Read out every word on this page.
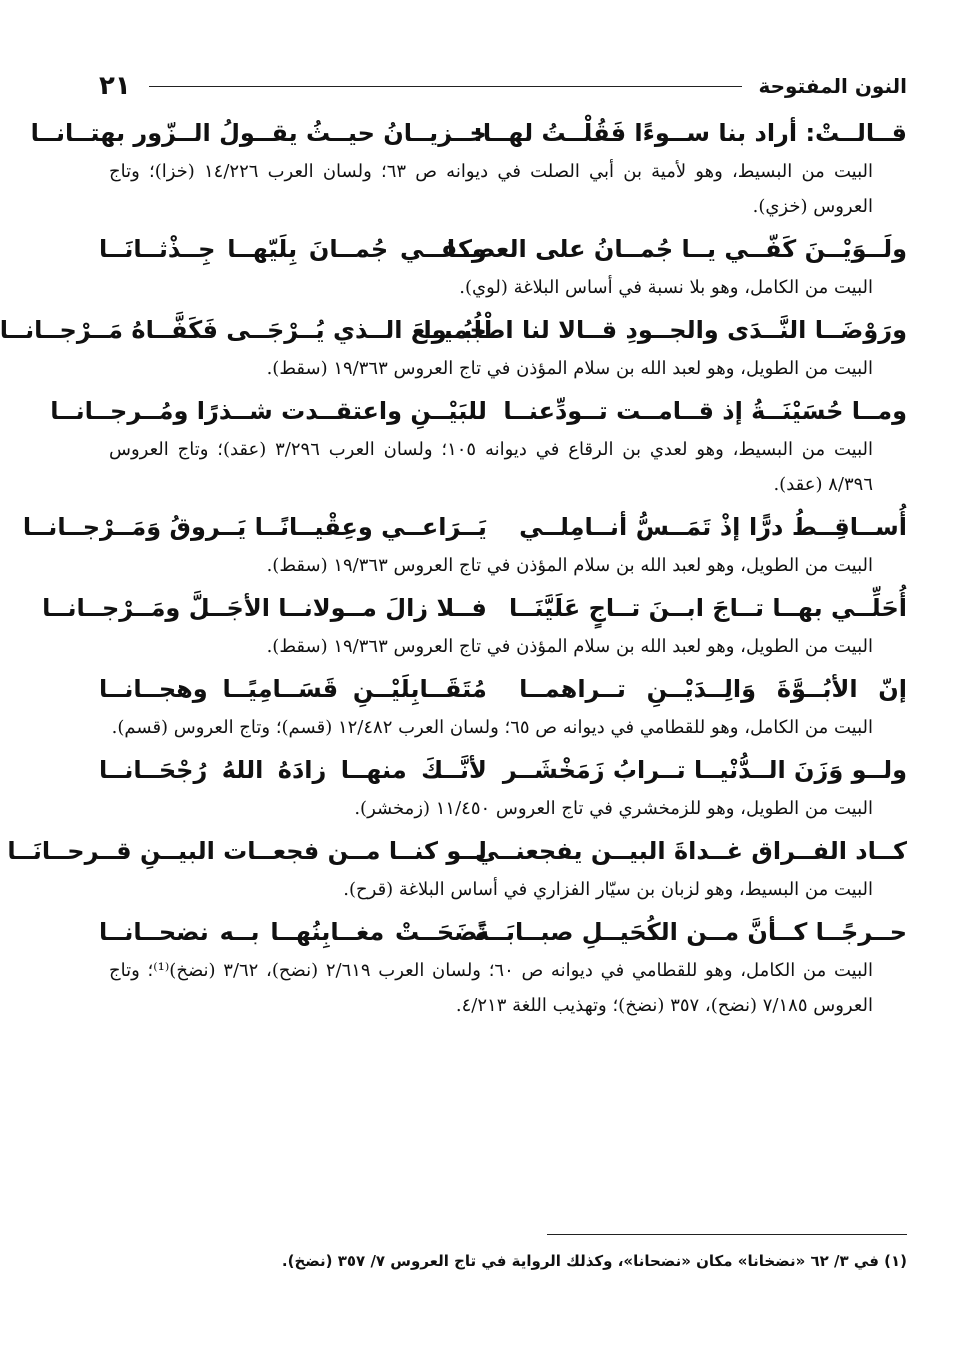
النون المفتوحة
٢١
قــالــتْ: أراد بنا ســوءًا فَقُلْــتُ لهــا:
خــزيــانُ حيــثُ يقــولُ الــزّور بهتــانــا

البيت من البسيط، وهو لأمية بن أبي الصلت في ديوانه ص ٦٣؛ ولسان العرب ١٤/٢٢٦ (خزا)؛ وتاج العروس (خزي).

ولَــوَيْــنَ كَفّــي يــا جُمــانُ على العصــا
وكفــي جُمــانَ بِلَيّهــا جِــذْثــانَــا

البيت من الكامل، وهو بلا نسبة في أساس البلاغة (لوي).

ورَوْضَــا النَّــدَى والجــودِ قــالا لنا اطْلُبُــوا
جميــعَ الــذي يُــرْجَــى فَكَفَّــاهُ مَــرْجــانــا

البيت من الطويل، وهو لعبد الله بن سلام المؤذن في تاج العروس ١٩/٣٦٣ (سقط).

ومــا حُسَيْنَــةُ إذ قــامــت تــودِّعنــا
للبَيْــنِ واعتقــدت شــذرًا ومُــرجــانــا

البيت من البسيط، وهو لعدي بن الرقاع في ديوانه ١٠٥؛ ولسان العرب ٣/٢٩٦ (عقد)؛ وتاج العروس ٨/٣٩٦ (عقد).

أُســاقِــطُ درًّا إذْ تَمَــسُّ أنــامِلــي
يَــرَاعــي وعِقْيــانًــا يَــروقُ وَمَــرْجــانــا

البيت من الطويل، وهو لعبد الله بن سلام المؤذن في تاج العروس ١٩/٣٦٣ (سقط).

أُحَلِّــي بهــا تــاجَ ابــنَ تــاجٍ عَلَيَّنَــا
فــلا زالَ مــولانــا الأجَــلَّ ومَــرْجــانــا

البيت من الطويل، وهو لعبد الله بن سلام المؤذن في تاج العروس ١٩/٣٦٣ (سقط).

إنّ الأبُــوَّةَ وَالِــدَيْــنِ تــراهمــا
مُتَقَــابِلَيْــنِ قَسَــامِيًــا وهجــانــا

البيت من الكامل، وهو للقطامي في ديوانه ص ٦٥؛ ولسان العرب ١٢/٤٨٢ (قسم)؛ وتاج العروس (قسم).

ولــو وَزَنَ الــدُّنْيــا تــرابُ زَمَخْشَــر
لأنَّــكَ منهــا زادَهُ اللهُ رُجْحَــانــا

البيت من الطويل، وهو للزمخشري في تاج العروس ١١/٤٥٠ (زمخشر).

كــاد الفــراق غــداةَ البيــن يفجعنــي
لــو كنــا مــن فجعــات البيــنِ قــرحــانَــا

البيت من البسيط، وهو لزبان بن سيّار الفزاري في أساس البلاغة (قرح).

حــرجًــا كــأنَّ مــن الكُحَيــلِ صبــابَــةً
نَضَحَــتْ مغــابِنُهــا بــه نضحــانــا

البيت من الكامل، وهو للقطامي في ديوانه ص ٦٠؛ ولسان العرب ٢/٦١٩ (نضح)، ٣/٦٢ (نضخ)⁽¹⁾؛ وتاج العروس ٧/١٨٥ (نضح)، ٣٥٧ (نضخ)؛ وتهذيب اللغة ٤/٢١٣.

(١) في ٣/ ٦٢ «نضخانا» مكان «نضحانا»، وكذلك الرواية في تاج العروس ٧/ ٣٥٧ (نضخ).
